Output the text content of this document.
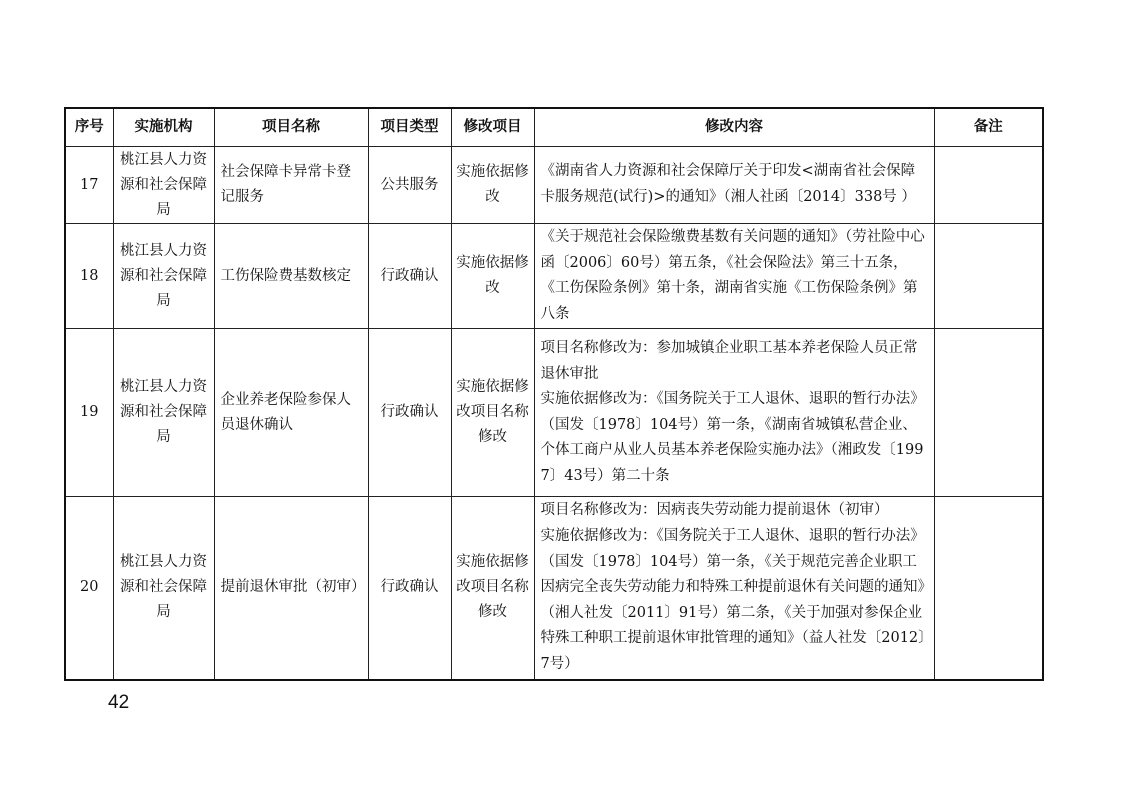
序号	实施机构	项目名称	项目类型	修改项目	修改内容	备注
17	桃江县人力资源和社会保障局	社会保障卡异常卡登记服务	公共服务	实施依据修改	《湖南省人力资源和社会保障厅关于印发<湖南省社会保障卡服务规范(试行)>的通知》（湘人社函〔2014〕338号 ）	
18	桃江县人力资源和社会保障局	工伤保险费基数核定	行政确认	实施依据修改	《关于规范社会保险缴费基数有关问题的通知》（劳社险中心函〔2006〕60号）第五条，《社会保险法》第三十五条，《工伤保险条例》第十条，湖南省实施《工伤保险条例》第八条	
19	桃江县人力资源和社会保障局	企业养老保险参保人员退休确认	行政确认	实施依据修改项目名称修改	项目名称修改为：参加城镇企业职工基本养老保险人员正常退休审批
实施依据修改为：《国务院关于工人退休、退职的暂行办法》（国发〔1978〕104号）第一条，《湖南省城镇私营企业、个体工商户从业人员基本养老保险实施办法》（湘政发〔1997〕43号）第二十条	
20	桃江县人力资源和社会保障局	提前退休审批（初审）	行政确认	实施依据修改项目名称修改	项目名称修改为：因病丧失劳动能力提前退休（初审）
实施依据修改为：《国务院关于工人退休、退职的暂行办法》（国发〔1978〕104号）第一条，《关于规范完善企业职工因病完全丧失劳动能力和特殊工种提前退休有关问题的通知》（湘人社发〔2011〕91号）第二条，《关于加强对参保企业特殊工种职工提前退休审批管理的通知》（益人社发〔2012〕7号）	
42
